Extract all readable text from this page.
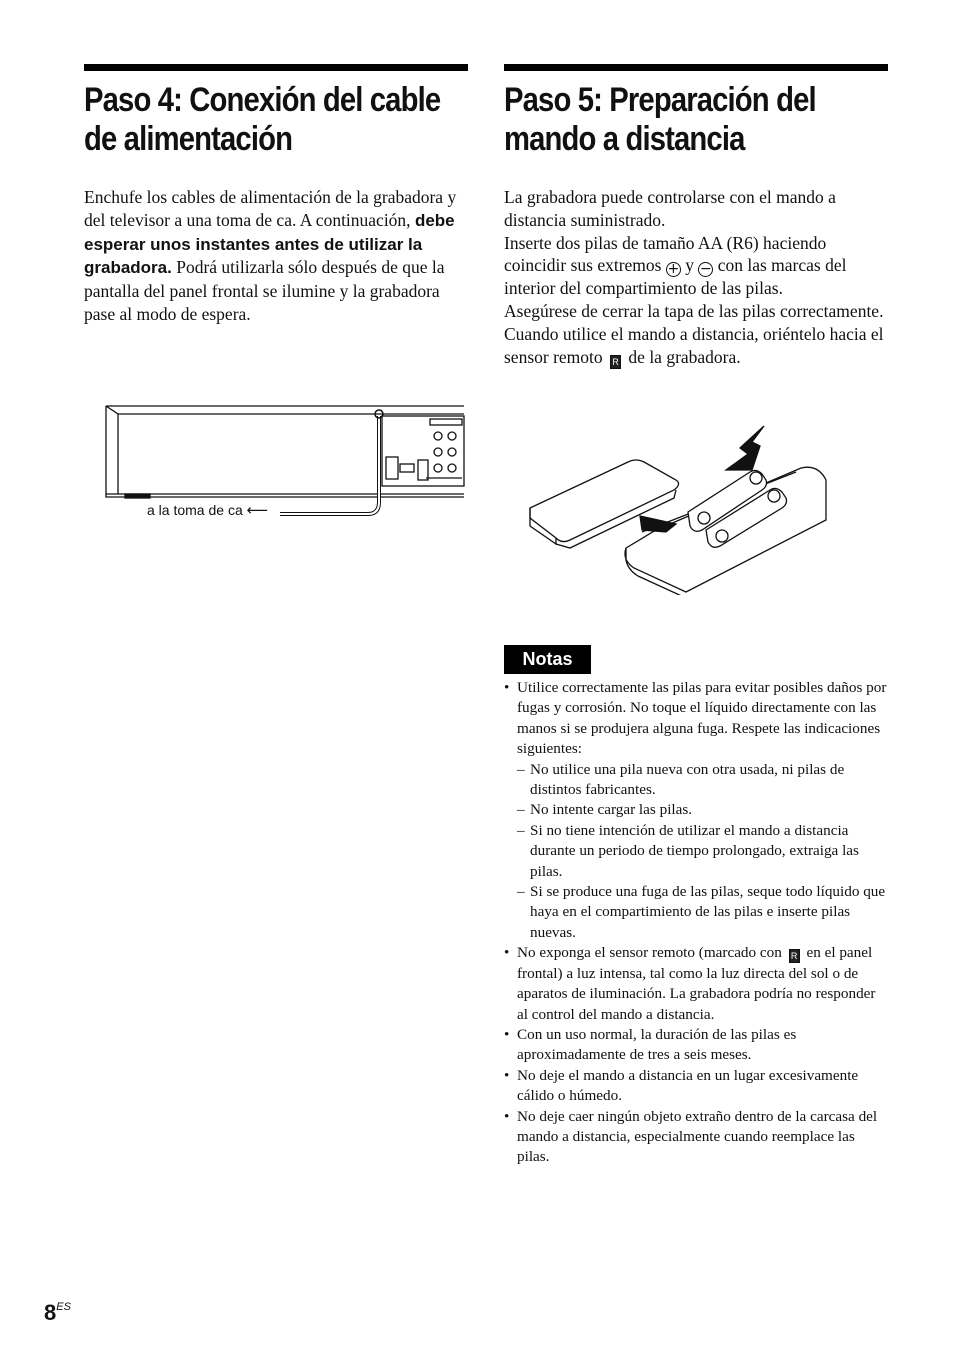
Paso 4: Conexión del cable de alimentación

Enchufe los cables de alimentación de la grabadora y del televisor a una toma de ca. A continuación, debe esperar unos instantes antes de utilizar la grabadora. Podrá utilizarla sólo después de que la pantalla del panel frontal se ilumine y la grabadora pase al modo de espera.

a la toma de ca ⟵
Paso 5: Preparación del mando a distancia

La grabadora puede controlarse con el mando a distancia suministrado.

Inserte dos pilas de tamaño AA (R6) haciendo coincidir sus extremos + y − con las marcas del interior del compartimiento de las pilas.

Asegúrese de cerrar la tapa de las pilas correctamente. Cuando utilice el mando a distancia, oriéntelo hacia el sensor remoto R de la grabadora.

Notas
• Utilice correctamente las pilas para evitar posibles daños por fugas y corrosión. No toque el líquido directamente con las manos si se produjera alguna fuga. Respete las indicaciones siguientes:
– No utilice una pila nueva con otra usada, ni pilas de distintos fabricantes.
– No intente cargar las pilas.
– Si no tiene intención de utilizar el mando a distancia durante un periodo de tiempo prolongado, extraiga las pilas.
– Si se produce una fuga de las pilas, seque todo líquido que haya en el compartimiento de las pilas e inserte pilas nuevas.
• No exponga el sensor remoto (marcado con R en el panel frontal) a luz intensa, tal como la luz directa del sol o de aparatos de iluminación. La grabadora podría no responder al control del mando a distancia.
• Con un uso normal, la duración de las pilas es aproximadamente de tres a seis meses.
• No deje el mando a distancia en un lugar excesivamente cálido o húmedo.
• No deje caer ningún objeto extraño dentro de la carcasa del mando a distancia, especialmente cuando reemplace las pilas.
$8^{ES}$
